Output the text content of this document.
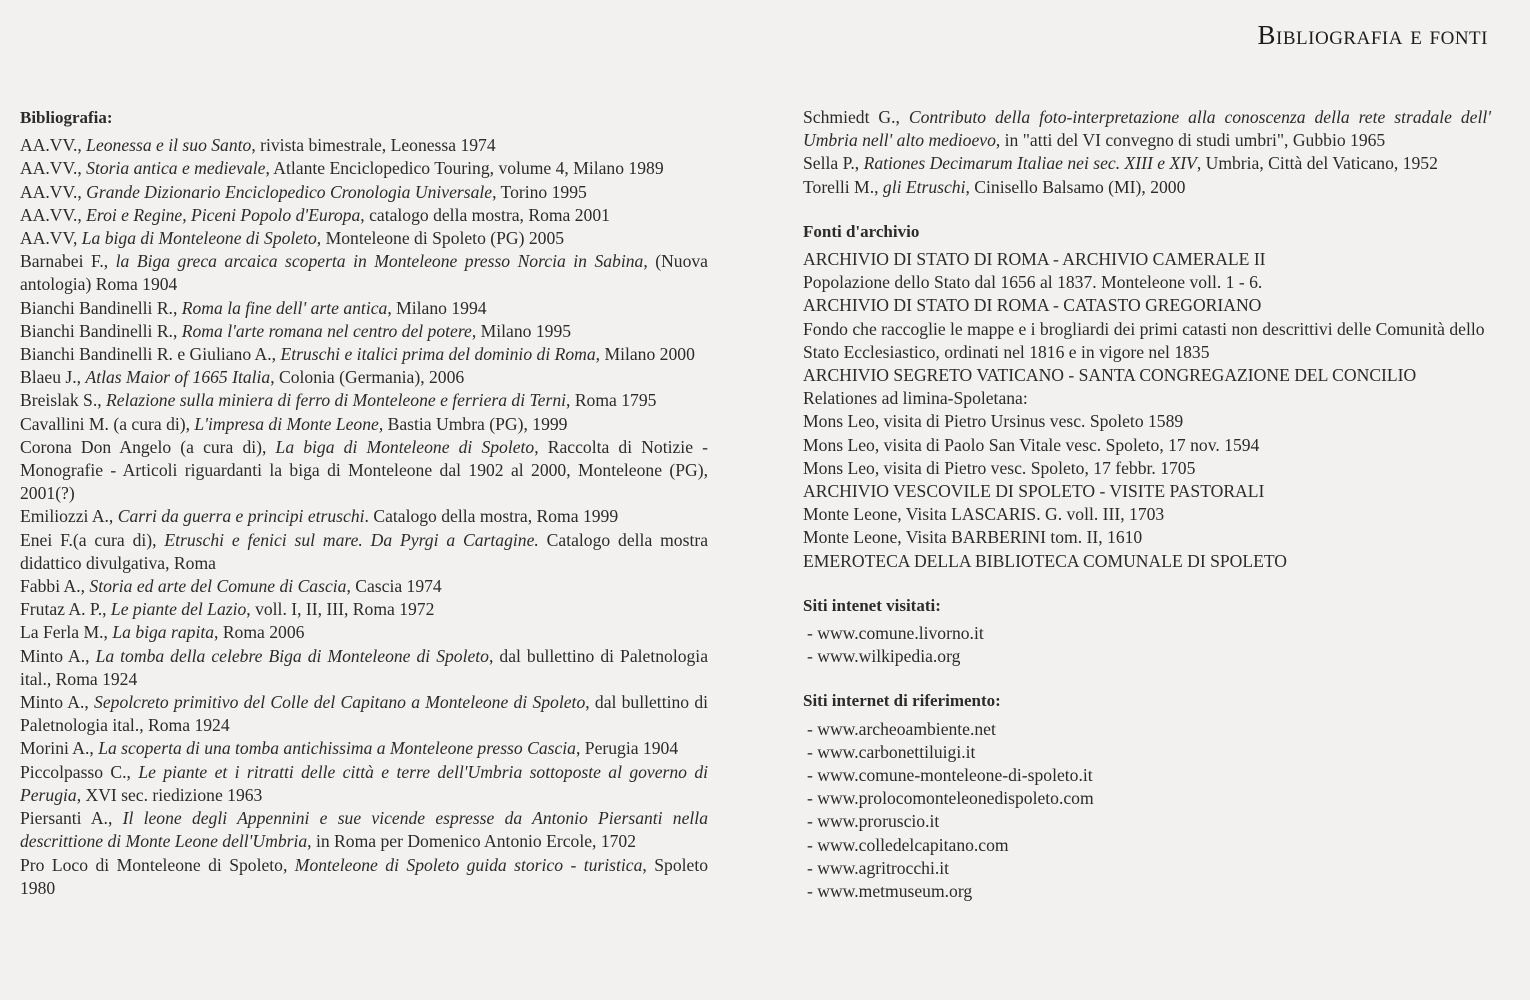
Bibliografia e fonti
Bibliografia:
AA.VV., Leonessa e il suo Santo, rivista bimestrale, Leonessa 1974
AA.VV., Storia antica e medievale, Atlante Enciclopedico Touring, volume 4, Milano 1989
AA.VV., Grande Dizionario Enciclopedico Cronologia Universale, Torino 1995
AA.VV., Eroi e Regine, Piceni Popolo d'Europa, catalogo della mostra, Roma 2001
AA.VV, La biga di Monteleone di Spoleto, Monteleone di Spoleto (PG) 2005
Barnabei F., la Biga greca arcaica scoperta in Monteleone presso Norcia in Sabina, (Nuova antologia) Roma 1904
Bianchi Bandinelli R., Roma la fine dell' arte antica, Milano 1994
Bianchi Bandinelli R., Roma l'arte romana nel centro del potere, Milano 1995
Bianchi Bandinelli R. e Giuliano A., Etruschi e italici prima del dominio di Roma, Milano 2000
Blaeu J., Atlas Maior of 1665 Italia, Colonia (Germania), 2006
Breislak S., Relazione sulla miniera di ferro di Monteleone e ferriera di Terni, Roma 1795
Cavallini M. (a cura di), L'impresa di Monte Leone, Bastia Umbra (PG), 1999
Corona Don Angelo (a cura di), La biga di Monteleone di Spoleto, Raccolta di Notizie - Monografie - Articoli riguardanti la biga di Monteleone dal 1902 al 2000, Monteleone (PG), 2001(?)
Emiliozzi A., Carri da guerra e principi etruschi. Catalogo della mostra, Roma 1999
Enei F.(a cura di), Etruschi e fenici sul mare. Da Pyrgi a Cartagine. Catalogo della mostra didattico divulgativa, Roma
Fabbi A., Storia ed arte del Comune di Cascia, Cascia 1974
Frutaz A. P., Le piante del Lazio, voll. I, II, III, Roma 1972
La Ferla M., La biga rapita, Roma 2006
Minto A., La tomba della celebre Biga di Monteleone di Spoleto, dal bullettino di Paletnologia ital., Roma 1924
Minto A., Sepolcreto primitivo del Colle del Capitano a Monteleone di Spoleto, dal bullettino di Paletnologia ital., Roma 1924
Morini A., La scoperta di una tomba antichissima a Monteleone presso Cascia, Perugia 1904
Piccolpasso C., Le piante et i ritratti delle città e terre dell'Umbria sottoposte al governo di Perugia, XVI sec. riedizione 1963
Piersanti A., Il leone degli Appennini e sue vicende espresse da Antonio Piersanti nella descrittione di Monte Leone dell'Umbria, in Roma per Domenico Antonio Ercole, 1702
Pro Loco di Monteleone di Spoleto, Monteleone di Spoleto guida storico - turistica, Spoleto 1980
Schmiedt G., Contributo della foto-interpretazione alla conoscenza della rete stradale dell' Umbria nell' alto medioevo, in "atti del VI convegno di studi umbri", Gubbio 1965
Sella P., Rationes Decimarum Italiae nei sec. XIII e XIV, Umbria, Città del Vaticano, 1952
Torelli M., gli Etruschi, Cinisello Balsamo (MI), 2000
Fonti d'archivio
ARCHIVIO DI STATO DI ROMA - ARCHIVIO CAMERALE II
Popolazione dello Stato dal 1656 al 1837. Monteleone voll. 1 - 6.
ARCHIVIO DI STATO DI ROMA - CATASTO GREGORIANO
Fondo che raccoglie le mappe e i brogliardi dei primi catasti non descrittivi delle Comunità dello Stato Ecclesiastico, ordinati nel 1816 e in vigore nel 1835
ARCHIVIO SEGRETO VATICANO - SANTA CONGREGAZIONE DEL CONCILIO
Relationes ad limina-Spoletana:
Mons Leo, visita di Pietro Ursinus vesc. Spoleto 1589
Mons Leo, visita di Paolo San Vitale vesc. Spoleto, 17 nov. 1594
Mons Leo, visita di Pietro vesc. Spoleto, 17 febbr. 1705
ARCHIVIO VESCOVILE DI SPOLETO - VISITE PASTORALI
Monte Leone, Visita LASCARIS. G. voll. III, 1703
Monte Leone, Visita BARBERINI tom. II, 1610
EMEROTECA DELLA BIBLIOTECA COMUNALE DI SPOLETO
Siti intenet visitati:
- www.comune.livorno.it
- www.wilkipedia.org
Siti internet di riferimento:
- www.archeoambiente.net
- www.carbonettiluigi.it
- www.comune-monteleone-di-spoleto.it
- www.prolocomonteleonedispoleto.com
- www.proruscio.it
- www.colledelcapitano.com
- www.agritrocchi.it
- www.metmuseum.org
